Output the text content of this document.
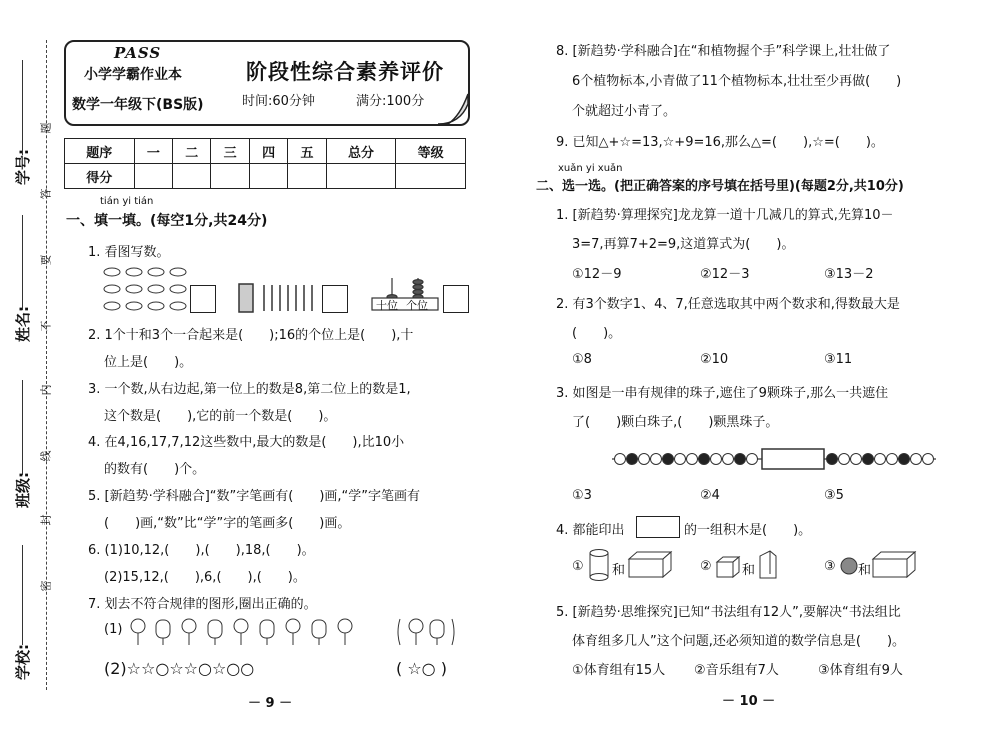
题
答
要
不
内
线
封
密
学号:
姓名:
班级:
学校:
PASS
小学学霸作业本
数学一年级下(BS版)
阶段性综合素养评价
时间:60分钟	满分:100分
题序	一	二	三	四	五	总分	等级
得分							
tián yi tián
一、填一填。(每空1分,共24分)
1. 看图写数。
十位 个位
2. 1个十和3个一合起来是(　　);16的个位上是(　　),十
位上是(　　)。
3. 一个数,从右边起,第一位上的数是8,第二位上的数是1,
这个数是(　　),它的前一个数是(　　)。
4. 在4,16,17,7,12这些数中,最大的数是(　　),比10小
的数有(　　)个。
5. [新趋势·学科融合]“数”字笔画有(　　)画,“学”字笔画有
(　　)画,“数”比“学”字的笔画多(　　)画。
6. (1)10,12,(　　),(　　),18,(　　)。
(2)15,12,(　　),6,(　　),(　　)。
7. 划去不符合规律的图形,圈出正确的。
(1)
(2)☆☆○☆☆○☆○○	( ☆○ )
－ 9 －
8. [新趋势·学科融合]在“和植物握个手”科学课上,壮壮做了
6个植物标本,小青做了11个植物标本,壮壮至少再做(　　)
个就超过小青了。
9. 已知△+☆=13,☆+9=16,那么△=(　　),☆=(　　)。
xuǎn yi xuǎn
二、选一选。(把正确答案的序号填在括号里)(每题2分,共10分)
1. [新趋势·算理探究]龙龙算一道十几减几的算式,先算10－
3=7,再算7+2=9,这道算式为(　　)。
①12－9	②12－3	③13－2
2. 有3个数字1、4、7,任意选取其中两个数求和,得数最大是
(　　)。
①8	②10	③11
3. 如图是一串有规律的珠子,遮住了9颗珠子,那么一共遮住
了(　　)颗白珠子,(　　)颗黑珠子。
①3	②4	③5
4. 都能印出	的一组积木是(　　)。
① 和	② 和	③ 和
5. [新趋势·思维探究]已知“书法组有12人”,要解决“书法组比
体育组多几人”这个问题,还必须知道的数学信息是(　　)。
①体育组有15人 ②音乐组有7人	③体育组有9人
－ 10 －
